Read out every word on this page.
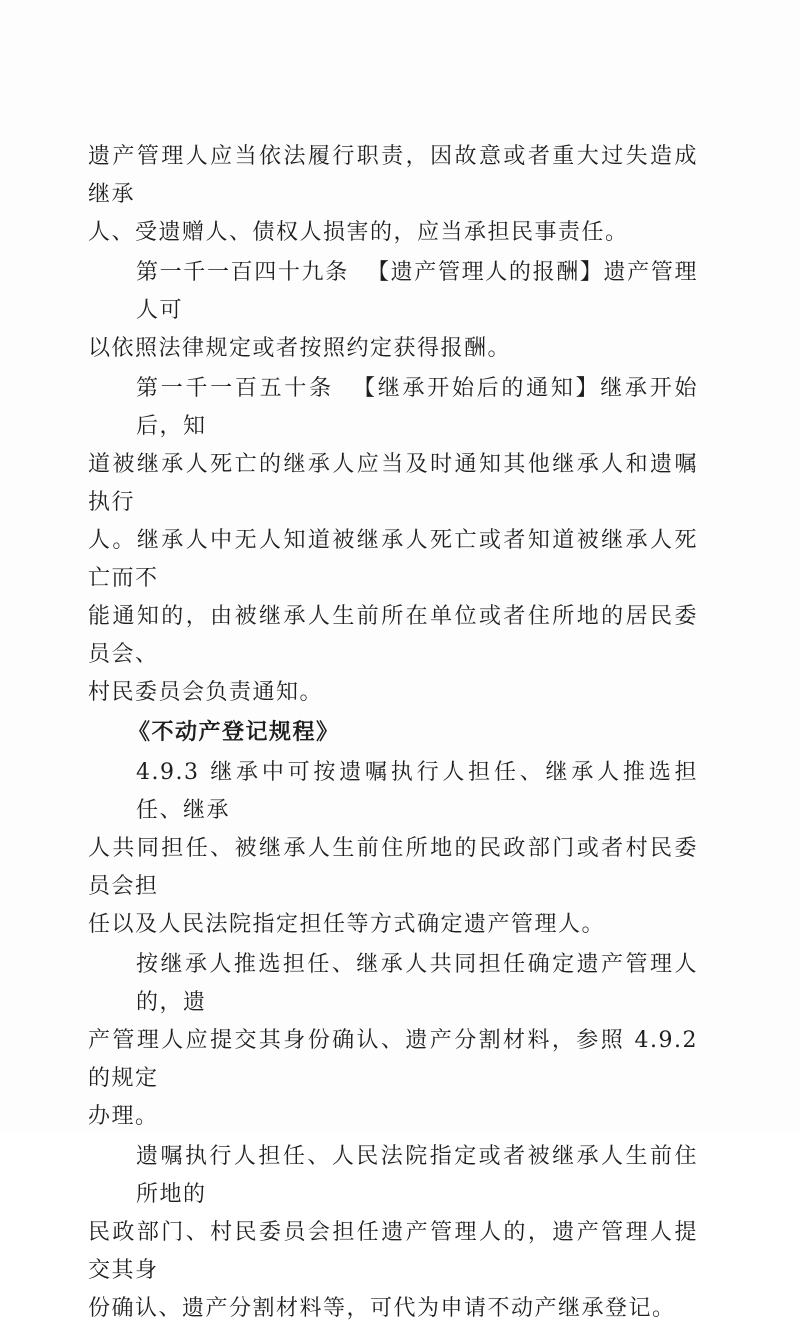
遗产管理人应当依法履行职责，因故意或者重大过失造成继承
人、受遗赠人、债权人损害的，应当承担民事责任。

第一千一百四十九条 【遗产管理人的报酬】遗产管理人可
以依照法律规定或者按照约定获得报酬。

第一千一百五十条 【继承开始后的通知】继承开始后，知
道被继承人死亡的继承人应当及时通知其他继承人和遗嘱执行
人。继承人中无人知道被继承人死亡或者知道被继承人死亡而不
能通知的，由被继承人生前所在单位或者住所地的居民委员会、
村民委员会负责通知。

《不动产登记规程》

4.9.3 继承中可按遗嘱执行人担任、继承人推选担任、继承
人共同担任、被继承人生前住所地的民政部门或者村民委员会担
任以及人民法院指定担任等方式确定遗产管理人。

按继承人推选担任、继承人共同担任确定遗产管理人的，遗
产管理人应提交其身份确认、遗产分割材料，参照 4.9.2 的规定
办理。

遗嘱执行人担任、人民法院指定或者被继承人生前住所地的
民政部门、村民委员会担任遗产管理人的，遗产管理人提交其身
份确认、遗产分割材料等，可代为申请不动产继承登记。
